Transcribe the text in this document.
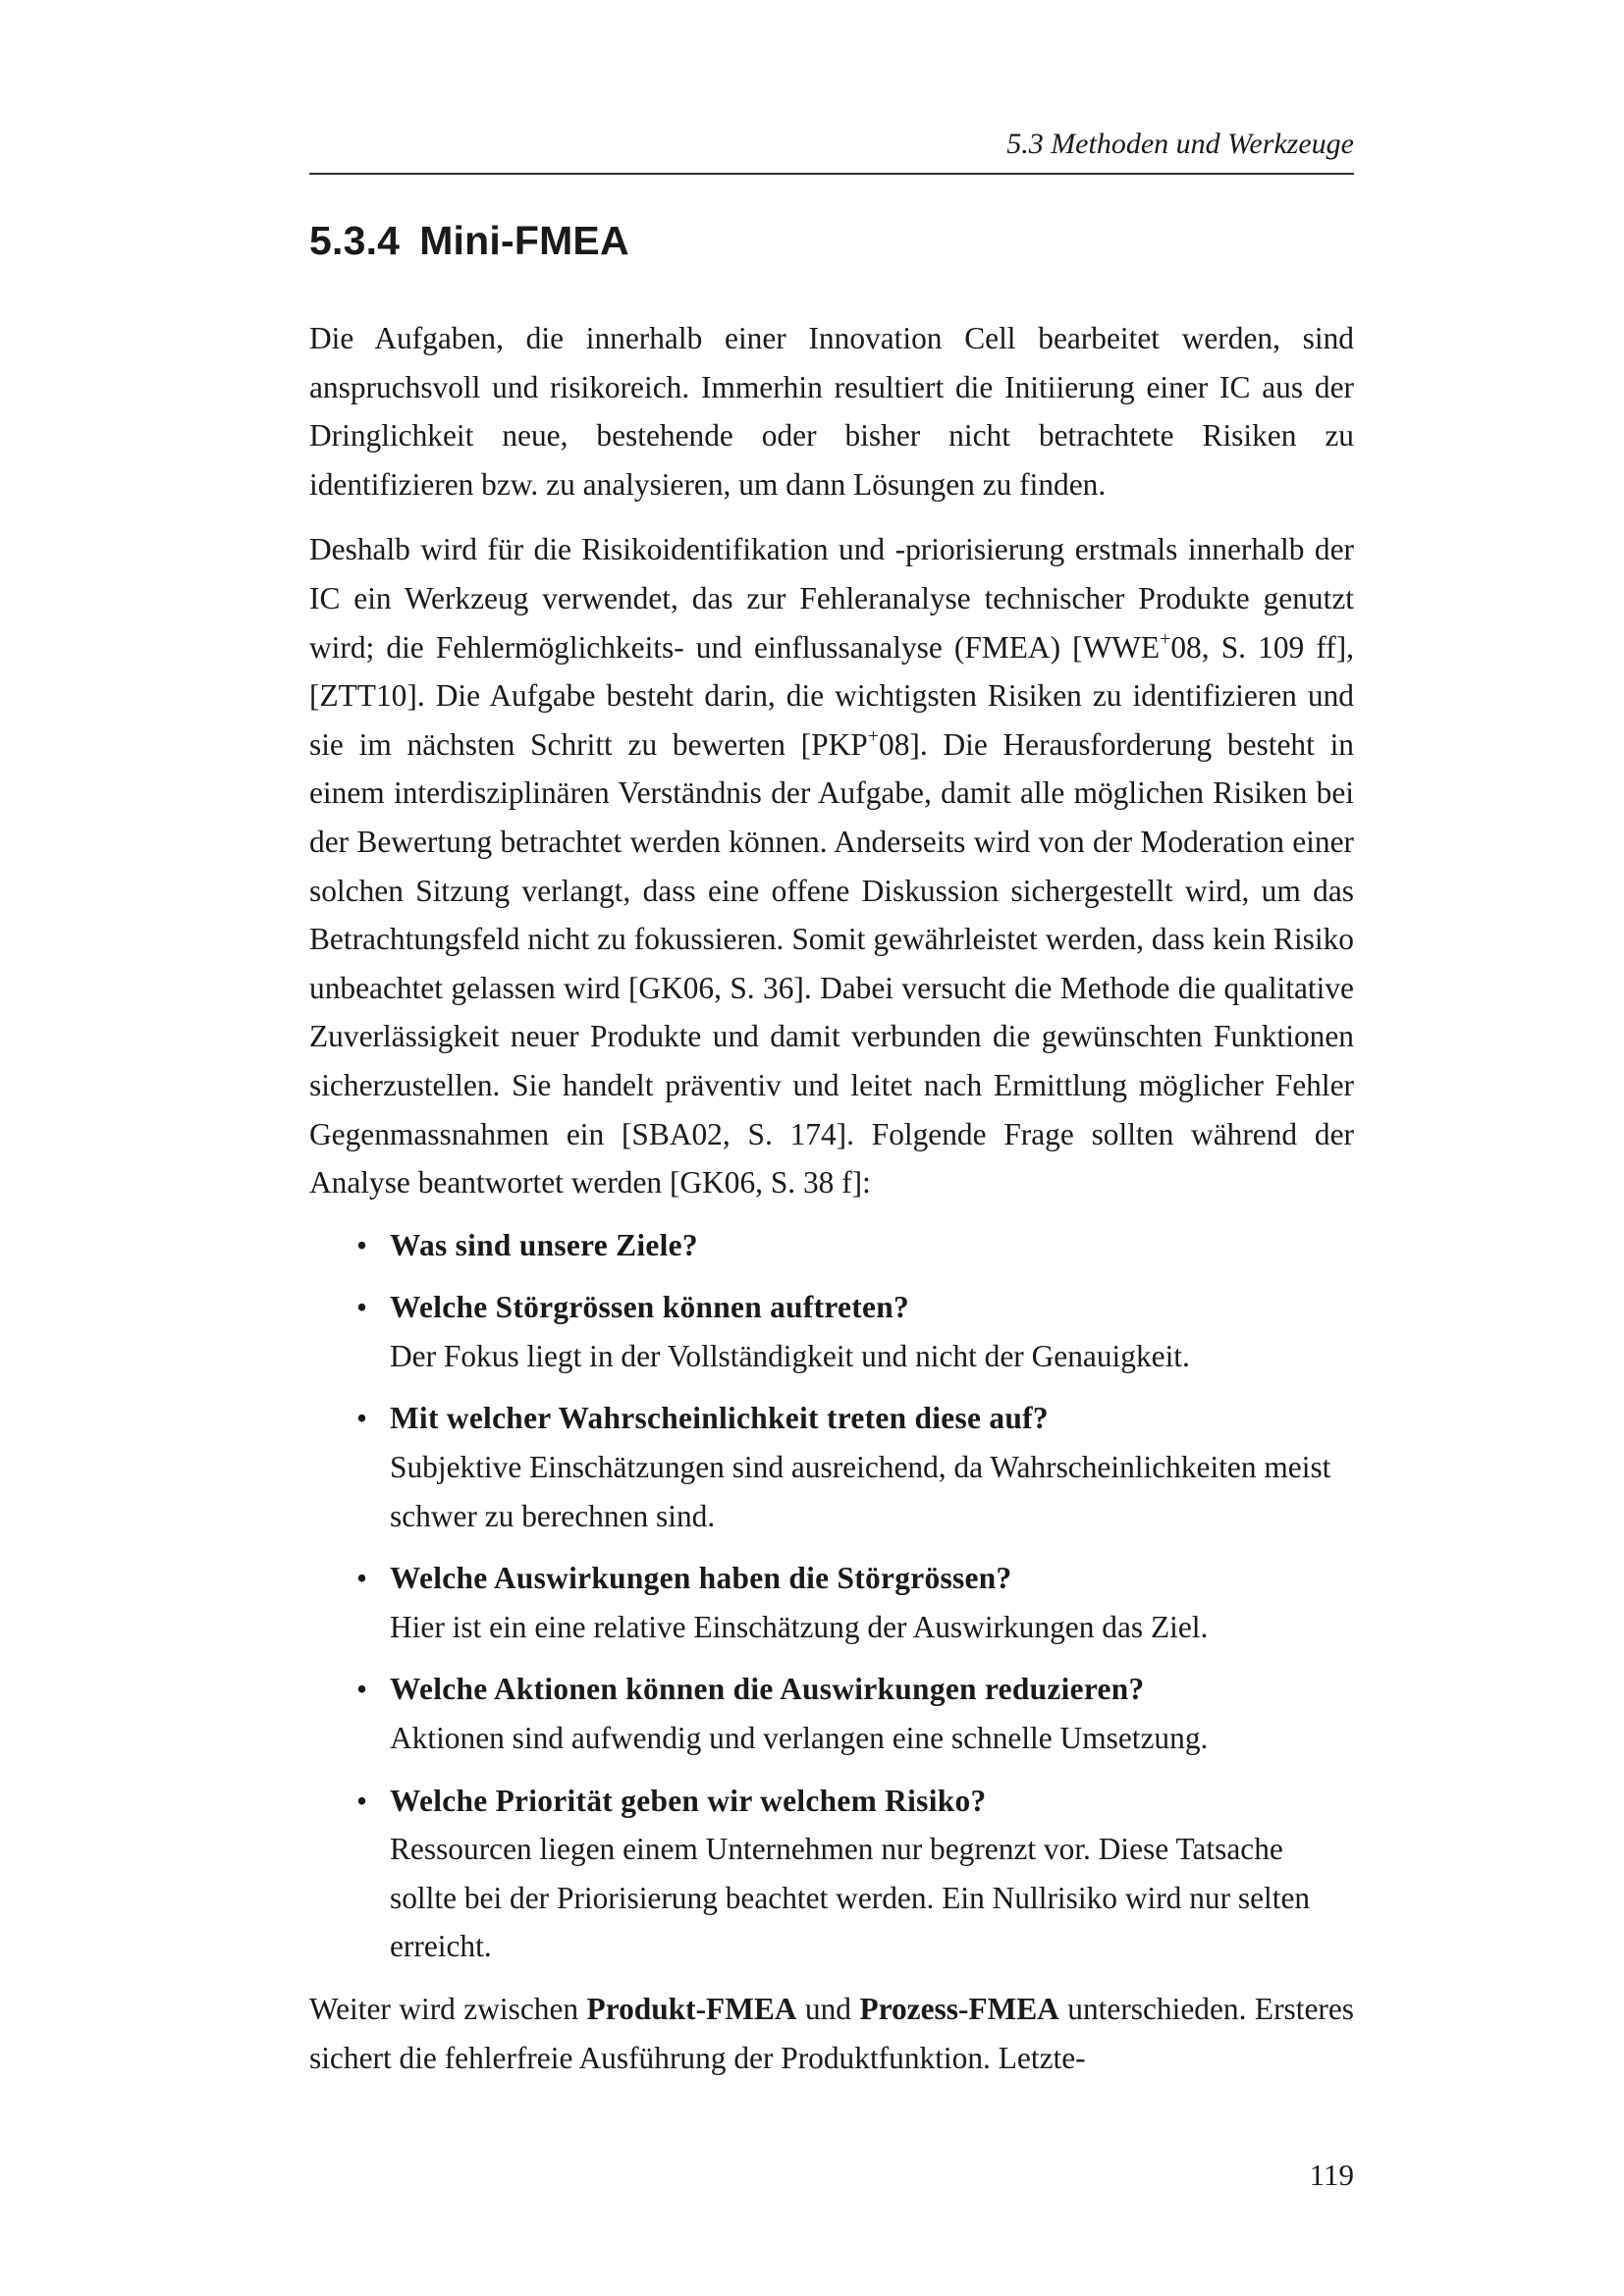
5.3 Methoden und Werkzeuge
5.3.4 Mini-FMEA

Die Aufgaben, die innerhalb einer Innovation Cell bearbeitet werden, sind anspruchsvoll und risikoreich. Immerhin resultiert die Initiierung einer IC aus der Dringlichkeit neue, bestehende oder bisher nicht betrachtete Risiken zu identifizieren bzw. zu analysieren, um dann Lösungen zu finden.

Deshalb wird für die Risikoidentifikation und -priorisierung erstmals innerhalb der IC ein Werkzeug verwendet, das zur Fehleranalyse technischer Produkte genutzt wird; die Fehlermöglichkeits- und einflussanalyse (FMEA) [WWE+08, S. 109 ff], [ZTT10]. Die Aufgabe besteht darin, die wichtigsten Risiken zu identifizieren und sie im nächsten Schritt zu bewerten [PKP+08]. Die Herausforderung besteht in einem interdisziplinären Verständnis der Aufgabe, damit alle möglichen Risiken bei der Bewertung betrachtet werden können. Anderseits wird von der Moderation einer solchen Sitzung verlangt, dass eine offene Diskussion sichergestellt wird, um das Betrachtungsfeld nicht zu fokussieren. Somit gewährleistet werden, dass kein Risiko unbeachtet gelassen wird [GK06, S. 36]. Dabei versucht die Methode die qualitative Zuverlässigkeit neuer Produkte und damit verbunden die gewünschten Funktionen sicherzustellen. Sie handelt präventiv und leitet nach Ermittlung möglicher Fehler Gegenmassnahmen ein [SBA02, S. 174]. Folgende Frage sollten während der Analyse beantwortet werden [GK06, S. 38 f]:

• Was sind unsere Ziele?
• Welche Störgrössen können auftreten?
Der Fokus liegt in der Vollständigkeit und nicht der Genauigkeit.
• Mit welcher Wahrscheinlichkeit treten diese auf?
Subjektive Einschätzungen sind ausreichend, da Wahrscheinlichkeiten meist schwer zu berechnen sind.
• Welche Auswirkungen haben die Störgrössen?
Hier ist ein eine relative Einschätzung der Auswirkungen das Ziel.
• Welche Aktionen können die Auswirkungen reduzieren?
Aktionen sind aufwendig und verlangen eine schnelle Umsetzung.
• Welche Priorität geben wir welchem Risiko?
Ressourcen liegen einem Unternehmen nur begrenzt vor. Diese Tatsache sollte bei der Priorisierung beachtet werden. Ein Nullrisiko wird nur selten erreicht.

Weiter wird zwischen Produkt-FMEA und Prozess-FMEA unterschieden. Ersteres sichert die fehlerfreie Ausführung der Produktfunktion. Letzte-

119
